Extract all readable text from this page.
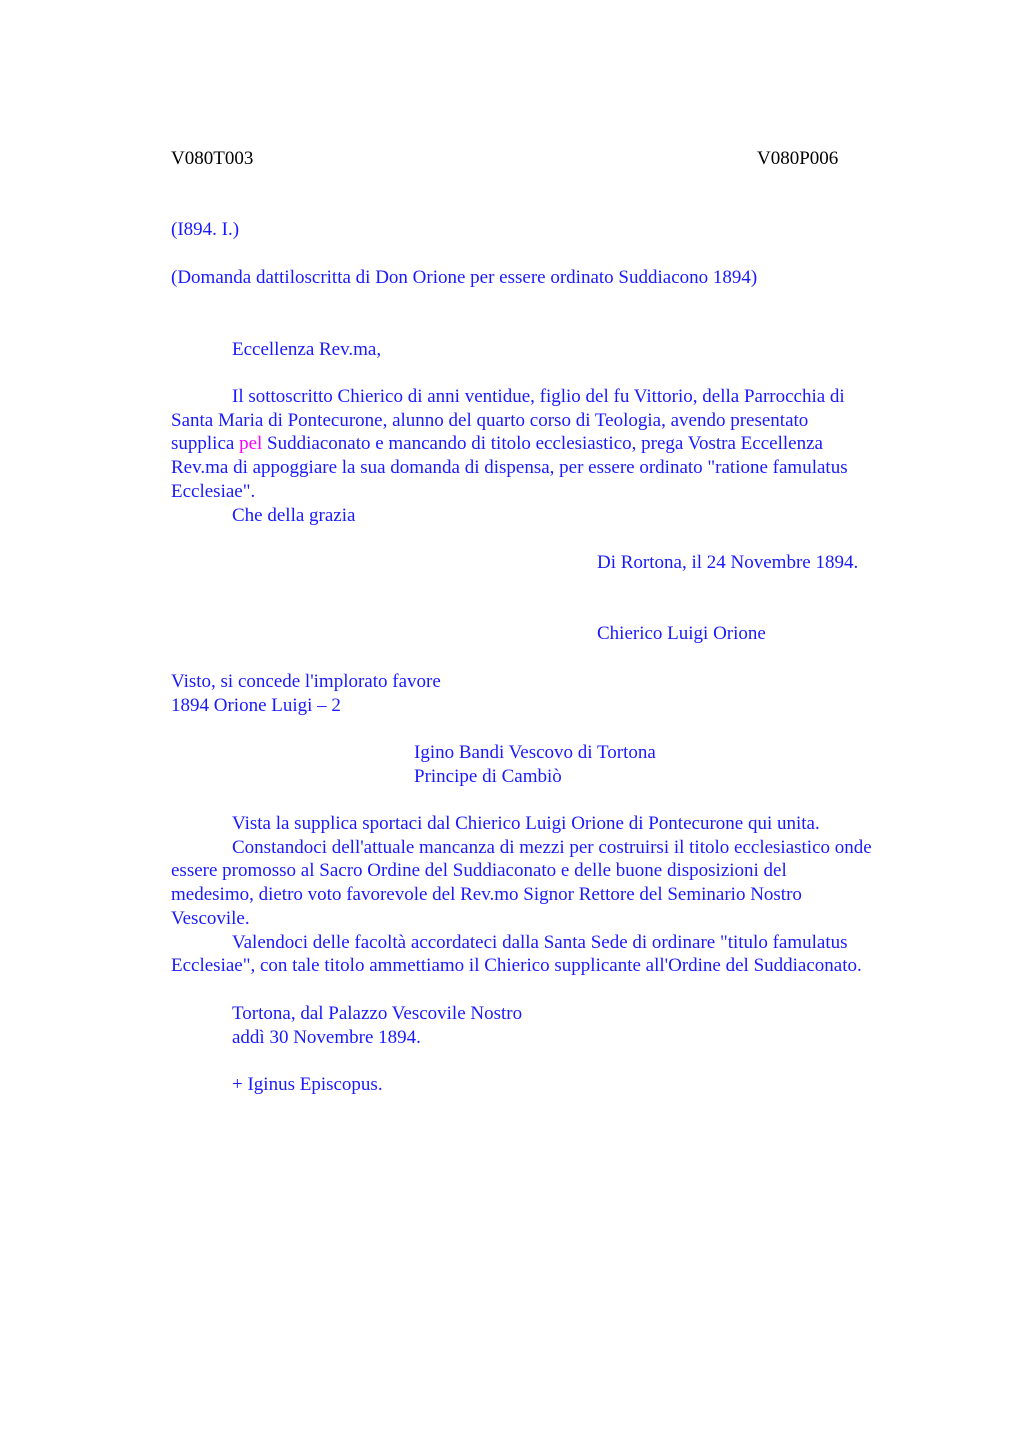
V080T003	V080P006
(I894. I.)
(Domanda dattiloscritta di Don Orione per essere ordinato Suddiacono 1894)
Eccellenza Rev.ma,
Il sottoscritto Chierico di anni ventidue, figlio del fu Vittorio, della Parrocchia di
Santa Maria di Pontecurone, alunno del quarto corso di Teologia, avendo presentato
supplica pel Suddiaconato e mancando di titolo ecclesiastico, prega Vostra Eccellenza
Rev.ma di appoggiare la sua domanda di dispensa, per essere ordinato "ratione famulatus
Ecclesiae".
Che della grazia
Di Rortona, il 24 Novembre 1894.
Chierico Luigi Orione
Visto, si concede l'implorato favore
1894 Orione Luigi – 2
Igino Bandi Vescovo di Tortona
Principe di Cambiò
Vista la supplica sportaci dal Chierico Luigi Orione di Pontecurone qui unita.
Constandoci dell'attuale mancanza di mezzi per costruirsi il titolo ecclesiastico onde
essere promosso al Sacro Ordine del Suddiaconato e delle buone disposizioni del
medesimo, dietro voto favorevole del Rev.mo Signor Rettore del Seminario Nostro
Vescovile.
Valendoci delle facoltà accordateci dalla Santa Sede di ordinare "titulo famulatus
Ecclesiae", con tale titolo ammettiamo il Chierico supplicante all'Ordine del Suddiaconato.
Tortona, dal Palazzo Vescovile Nostro
addì 30 Novembre 1894.
+ Iginus Episcopus.
